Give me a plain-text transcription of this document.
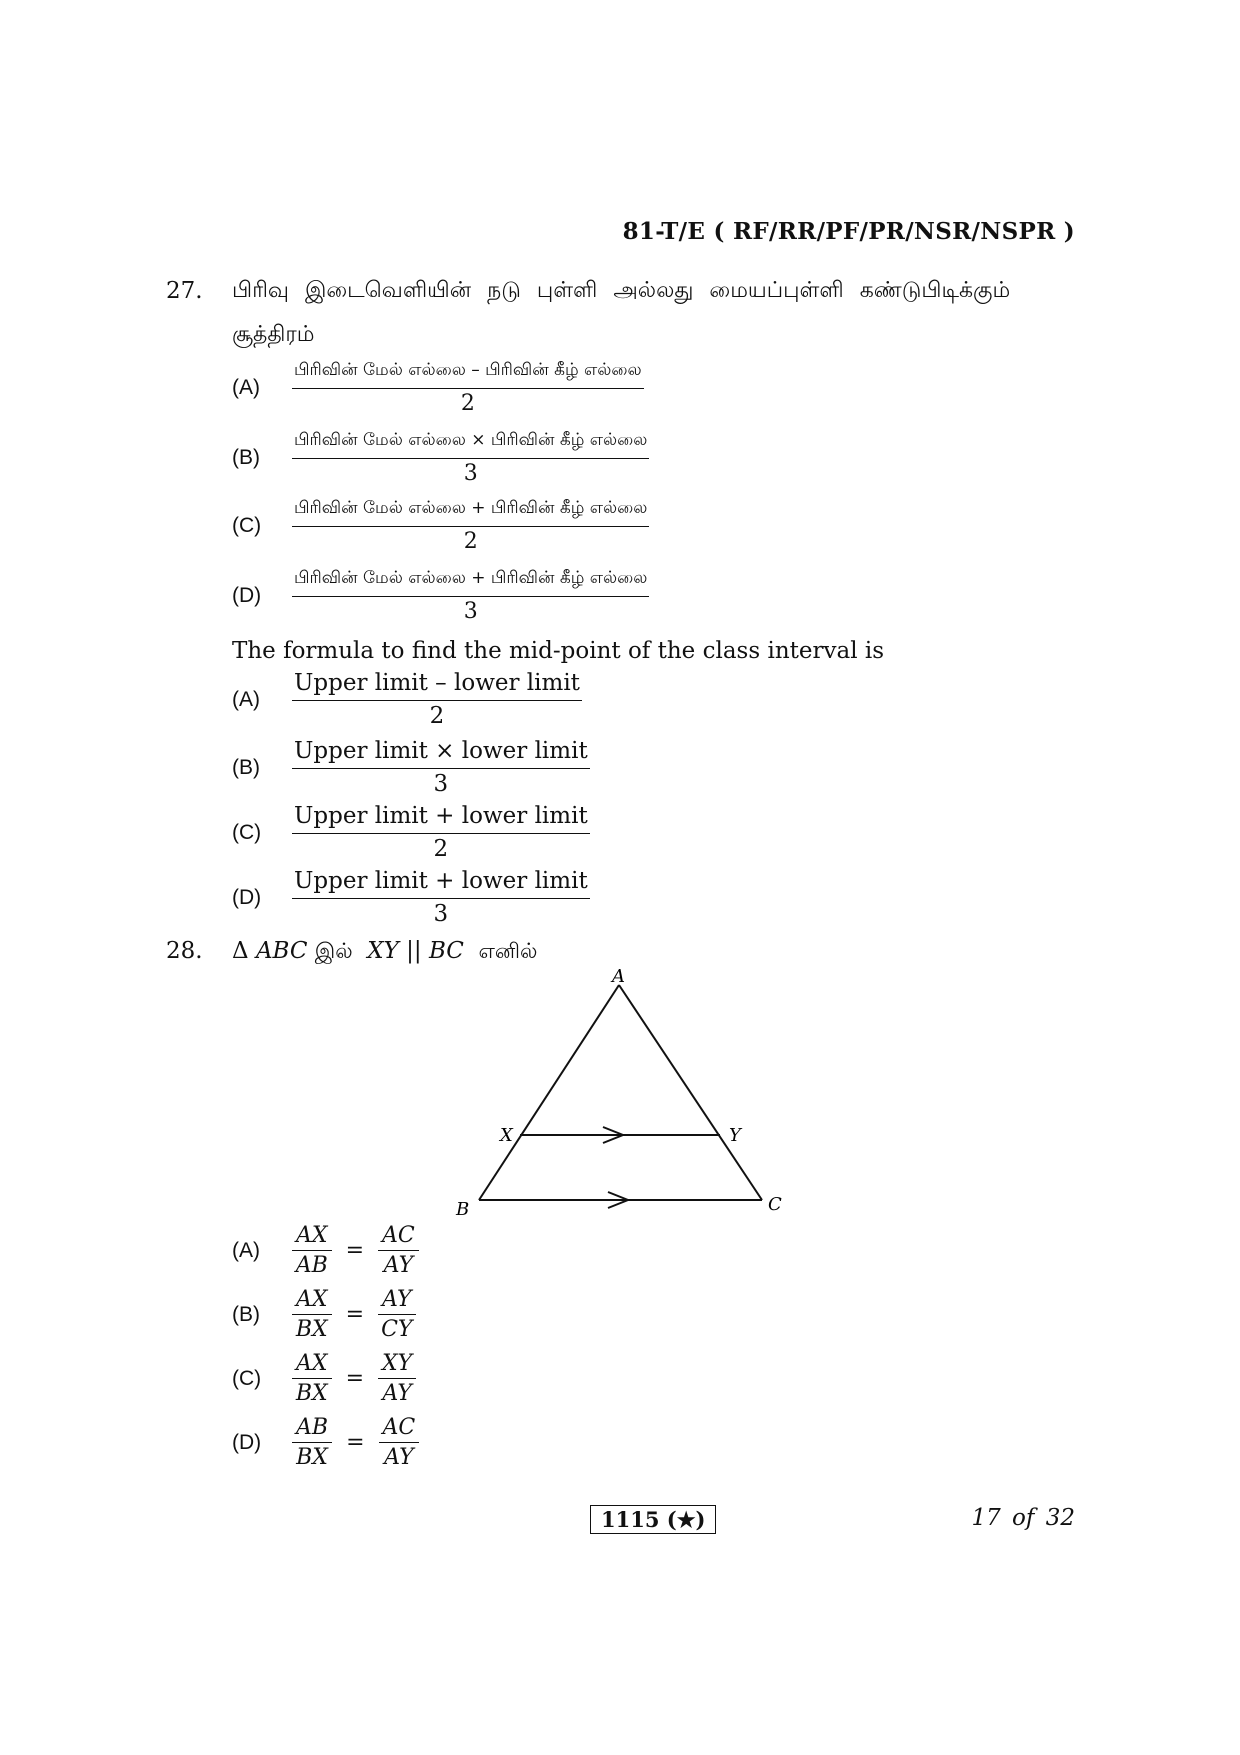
81-T/E ( RF/RR/PF/PR/NSR/NSPR )
27. பிரிவு இடைவெளியின் நடு புள்ளி அல்லது மையப்புள்ளி கண்டுபிடிக்கும்
சூத்திரம்
(A)	$\frac{\text{பிரிவின் மேல் எல்லை – பிரிவின் கீழ் எல்லை}}{2}$
(B)	$\frac{\text{பிரிவின் மேல் எல்லை × பிரிவின் கீழ் எல்லை}}{3}$
(C)	$\frac{\text{பிரிவின் மேல் எல்லை + பிரிவின் கீழ் எல்லை}}{2}$
(D)	$\frac{\text{பிரிவின் மேல் எல்லை + பிரிவின் கீழ் எல்லை}}{3}$
The formula to find the mid-point of the class interval is
(A)	$\frac{\text{Upper limit – lower limit}}{2}$
(B)	$\frac{\text{Upper limit × lower limit}}{3}$
(C)	$\frac{\text{Upper limit + lower limit}}{2}$
(D)	$\frac{\text{Upper limit + lower limit}}{3}$
28. Δ ABC இல் XY || BC எனில்
A
B	C
X	Y
(A)	$\frac{AX}{AB} = \frac{AC}{AY}$
(B)	$\frac{AX}{BX} = \frac{AY}{CY}$
(C)	$\frac{AX}{BX} = \frac{XY}{AY}$
(D)	$\frac{AB}{BX} = \frac{AC}{AY}$
1115 (★)	17 of 32
